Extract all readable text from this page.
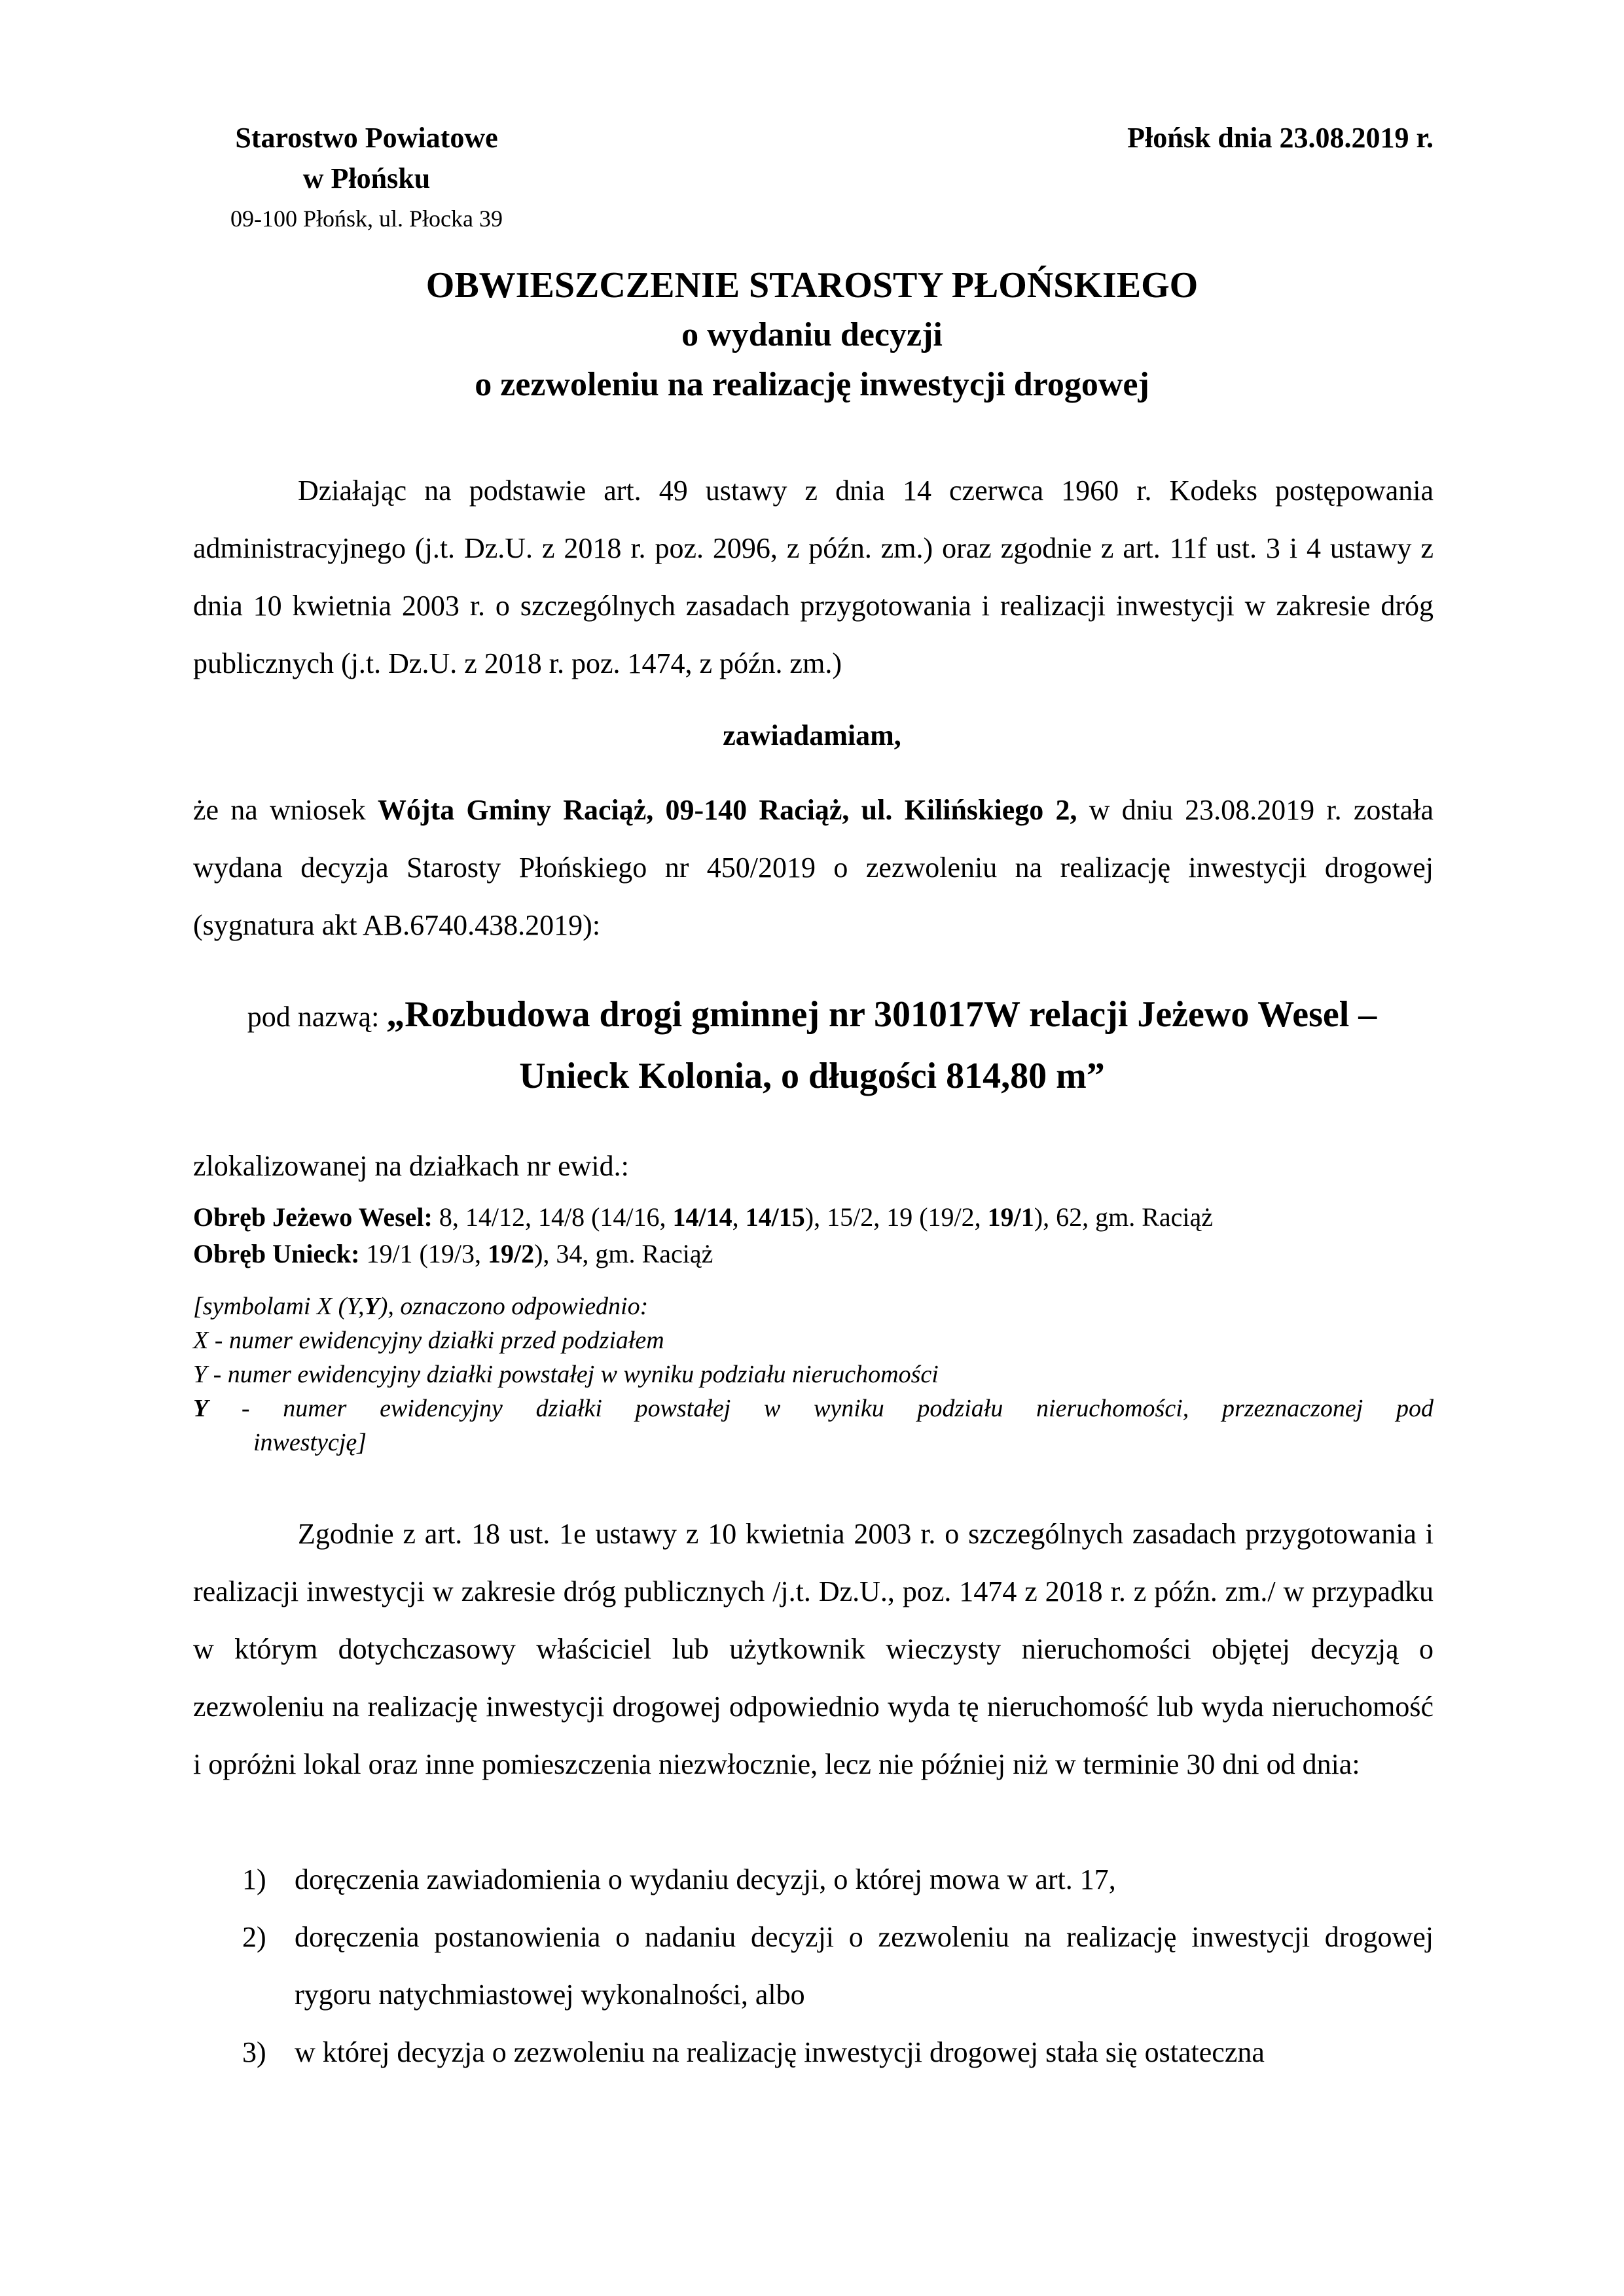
Starostwo Powiatowe
w Płońsku
09-100 Płońsk, ul. Płocka 39
Płońsk dnia 23.08.2019 r.
OBWIESZCZENIE STAROSTY PŁOŃSKIEGO
o wydaniu decyzji
o zezwoleniu na realizację inwestycji drogowej

Działając na podstawie art. 49 ustawy z dnia 14 czerwca 1960 r. Kodeks postępowania administracyjnego (j.t. Dz.U. z 2018 r. poz. 2096, z późn. zm.) oraz zgodnie z art. 11f ust. 3 i 4 ustawy z dnia 10 kwietnia 2003 r. o szczególnych zasadach przygotowania i realizacji inwestycji w zakresie dróg publicznych (j.t. Dz.U. z 2018 r. poz. 1474, z późn. zm.)

zawiadamiam,

że na wniosek Wójta Gminy Raciąż, 09-140 Raciąż, ul. Kilińskiego 2, w dniu 23.08.2019 r. została wydana decyzja Starosty Płońskiego nr 450/2019 o zezwoleniu na realizację inwestycji drogowej (sygnatura akt AB.6740.438.2019):

pod nazwą: „Rozbudowa drogi gminnej nr 301017W relacji Jeżewo Wesel –
Unieck Kolonia, o długości 814,80 m”
zlokalizowanej na działkach nr ewid.:
Obręb Jeżewo Wesel: 8, 14/12, 14/8 (14/16, 14/14, 14/15), 15/2, 19 (19/2, 19/1), 62, gm. Raciąż
Obręb Unieck: 19/1 (19/3, 19/2), 34, gm. Raciąż
[symbolami X (Y,Y), oznaczono odpowiednio:
X - numer ewidencyjny działki przed podziałem
Y - numer ewidencyjny działki powstałej w wyniku podziału nieruchomości
Y - numer ewidencyjny działki powstałej w wyniku podziału nieruchomości, przeznaczonej pod
inwestycję]

Zgodnie z art. 18 ust. 1e ustawy z 10 kwietnia 2003 r. o szczególnych zasadach przygotowania i realizacji inwestycji w zakresie dróg publicznych /j.t. Dz.U., poz. 1474 z 2018 r. z późn. zm./ w przypadku w którym dotychczasowy właściciel lub użytkownik wieczysty nieruchomości objętej decyzją o zezwoleniu na realizację inwestycji drogowej odpowiednio wyda tę nieruchomość lub wyda nieruchomość i opróżni lokal oraz inne pomieszczenia niezwłocznie, lecz nie później niż w terminie 30 dni od dnia:

1) doręczenia zawiadomienia o wydaniu decyzji, o której mowa w art. 17,
2) doręczenia postanowienia o nadaniu decyzji o zezwoleniu na realizację inwestycji drogowej rygoru natychmiastowej wykonalności, albo
3) w której decyzja o zezwoleniu na realizację inwestycji drogowej stała się ostateczna
